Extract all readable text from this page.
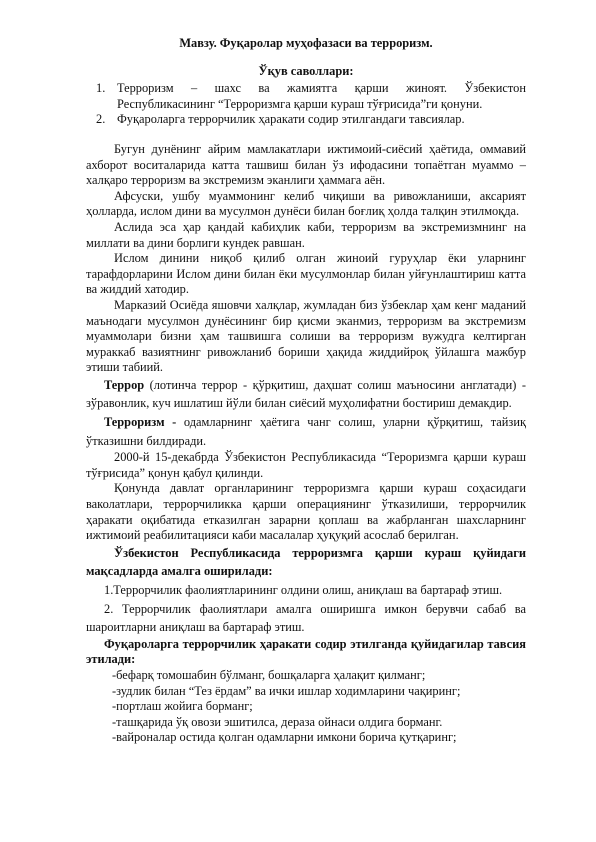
Мавзу. Фуқаролар муҳофазаси ва терроризм.
Ўқув саволлари:
1. Терроризм – шахс ва жамиятга қарши жиноят. Ўзбекистон Республикасининг “Терроризмга қарши кураш тўғрисида”ги қонуни.
2. Фуқароларга террорчилик ҳаракати содир этилгандаги тавсиялар.

Бугун дунёнинг айрим мамлакатлари ижтимоий-сиёсий ҳаётида, оммавий ахборот воситаларида катта ташвиш билан ўз ифодасини топаётган муаммо – халқаро терроризм ва экстремизм эканлиги ҳаммага аён.

Афсуски, ушбу муаммонинг келиб чиқиши ва ривожланиши, аксарият ҳолларда, ислом дини ва мусулмон дунёси билан боғлиқ ҳолда талқин этилмоқда.

Аслида эса ҳар қандай кабиҳлик каби, терроризм ва экстремизмнинг на миллати ва дини борлиги кундек равшан.

Ислом динини ниқоб қилиб олган жиноий гуруҳлар ёки уларнинг тарафдорларини Ислом дини билан ёки мусулмонлар билан уйғунлаштириш катта ва жиддий хатодир.

Марказий Осиёда яшовчи халқлар, жумладан биз ўзбеклар ҳам кенг маданий маънодаги мусулмон дунёсининг бир қисми эканмиз, терроризм ва экстремизм муаммолари бизни ҳам ташвишга солиши ва терроризм вужудга келтирган мураккаб вазиятнинг ривожланиб бориши ҳақида жиддийроқ ўйлашга мажбур этиши табиий.

Террор (лотинча террор - қўрқитиш, даҳшат солиш маъносини англатади) - зўравонлик, куч ишлатиш йўли билан сиёсий муҳолифатни бостириш демакдир.

Терроризм - одамларнинг ҳаётига чанг солиш, уларни қўрқитиш, тайзиқ ўтказишни билдиради.

2000-й 15-декабрда Ўзбекистон Республикасида “Тероризмга қарши кураш тўғрисида” қонун қабул қилинди.

Қонунда давлат органларининг терроризмга қарши кураш соҳасидаги ваколатлари, террорчиликка қарши операциянинг ўтказилиши, террорчилик ҳаракати оқибатида етказилган зарарни қоплаш ва жабрланган шахсларнинг ижтимоий реабилитацияси каби масалалар ҳуқуқий асослаб берилган.

Ўзбекистон Республикасида терроризмга қарши кураш қуйидаги мақсадларда амалга оширилади:

1.Террорчилик фаолиятларининг олдини олиш, аниқлаш ва бартараф этиш.

2. Террорчилик фаолиятлари амалга оширишга имкон берувчи сабаб ва шароитларни аниқлаш ва бартараф этиш.

Фуқароларга террорчилик ҳаракати содир этилганда қуйидагилар тавсия этилади:

-бефарқ томошабин бўлманг, бошқаларга ҳалақит қилманг;

-зудлик билан “Тез ёрдам” ва ички ишлар ходимларини чақиринг;

-портлаш жойига борманг;

-ташқарида ўқ овози эшитилса, дераза ойнаси олдига борманг.

-вайроналар остида қолган одамларни имкони борича қутқаринг;
